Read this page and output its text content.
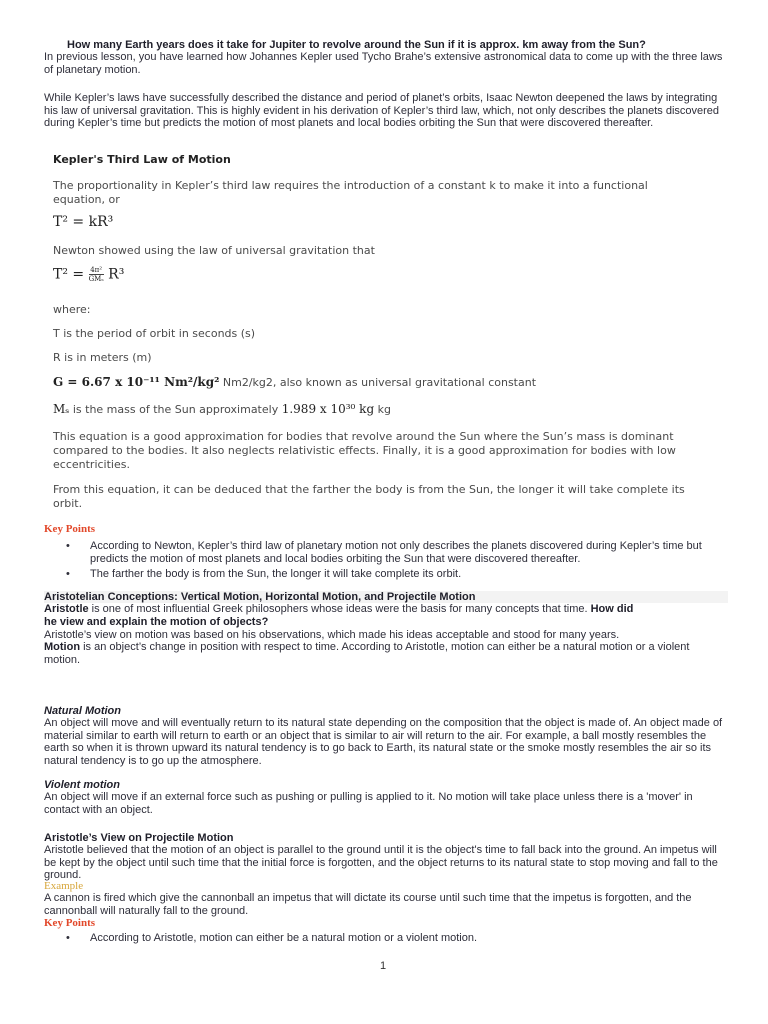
How many Earth years does it take for Jupiter to revolve around the Sun if it is approx. km away from the Sun?
In previous lesson, you have learned how Johannes Kepler used Tycho Brahe’s extensive astronomical data to come up with the three laws of planetary motion.
While Kepler’s laws have successfully described the distance and period of planet’s orbits, Isaac Newton deepened the laws by integrating his law of universal gravitation. This is highly evident in his derivation of Kepler’s third law, which, not only describes the planets discovered during Kepler’s time but predicts the motion of most planets and local bodies orbiting the Sun that were discovered thereafter.
Kepler's Third Law of Motion
The proportionality in Kepler’s third law requires the introduction of a constant k to make it into a functional
equation, or
T² = kR³
Newton showed using the law of universal gravitation that
$T^2 = \frac{\text{4π²}}{\text{GMₛ}} R^3$
where:
T is the period of orbit in seconds (s)
R is in meters (m)
G = 6.67 x 10⁻¹¹ Nm²/kg² Nm2/kg2, also known as universal gravitational constant
Mₛ is the mass of the Sun approximately 1.989 x 10³⁰ kg kg
This equation is a good approximation for bodies that revolve around the Sun where the Sun’s mass is dominant
compared to the bodies. It also neglects relativistic effects. Finally, it is a good approximation for bodies with low
eccentricities.
From this equation, it can be deduced that the farther the body is from the Sun, the longer it will take complete its
orbit.
Key Points
• According to Newton, Kepler’s third law of planetary motion not only describes the planets discovered during Kepler’s time but predicts the motion of most planets and local bodies orbiting the Sun that were discovered thereafter.
• The farther the body is from the Sun, the longer it will take complete its orbit.
Aristotelian Conceptions: Vertical Motion, Horizontal Motion, and Projectile Motion
Aristotle is one of most influential Greek philosophers whose ideas were the basis for many concepts that time. How did he view and explain the motion of objects?
Aristotle’s view on motion was based on his observations, which made his ideas acceptable and stood for many years.
Motion is an object’s change in position with respect to time. According to Aristotle, motion can either be a natural motion or a violent motion.
Natural Motion
An object will move and will eventually return to its natural state depending on the composition that the object is made of. An object made of material similar to earth will return to earth or an object that is similar to air will return to the air. For example, a ball mostly resembles the earth so when it is thrown upward its natural tendency is to go back to Earth, its natural state or the smoke mostly resembles the air so its natural tendency is to go up the atmosphere.
Violent motion
An object will move if an external force such as pushing or pulling is applied to it. No motion will take place unless there is a 'mover' in contact with an object.
Aristotle’s View on Projectile Motion
Aristotle believed that the motion of an object is parallel to the ground until it is the object's time to fall back into the ground. An impetus will be kept by the object until such time that the initial force is forgotten, and the object returns to its natural state to stop moving and fall to the ground.
Example
A cannon is fired which give the cannonball an impetus that will dictate its course until such time that the impetus is forgotten, and the cannonball will naturally fall to the ground.
Key Points
• According to Aristotle, motion can either be a natural motion or a violent motion.
1
